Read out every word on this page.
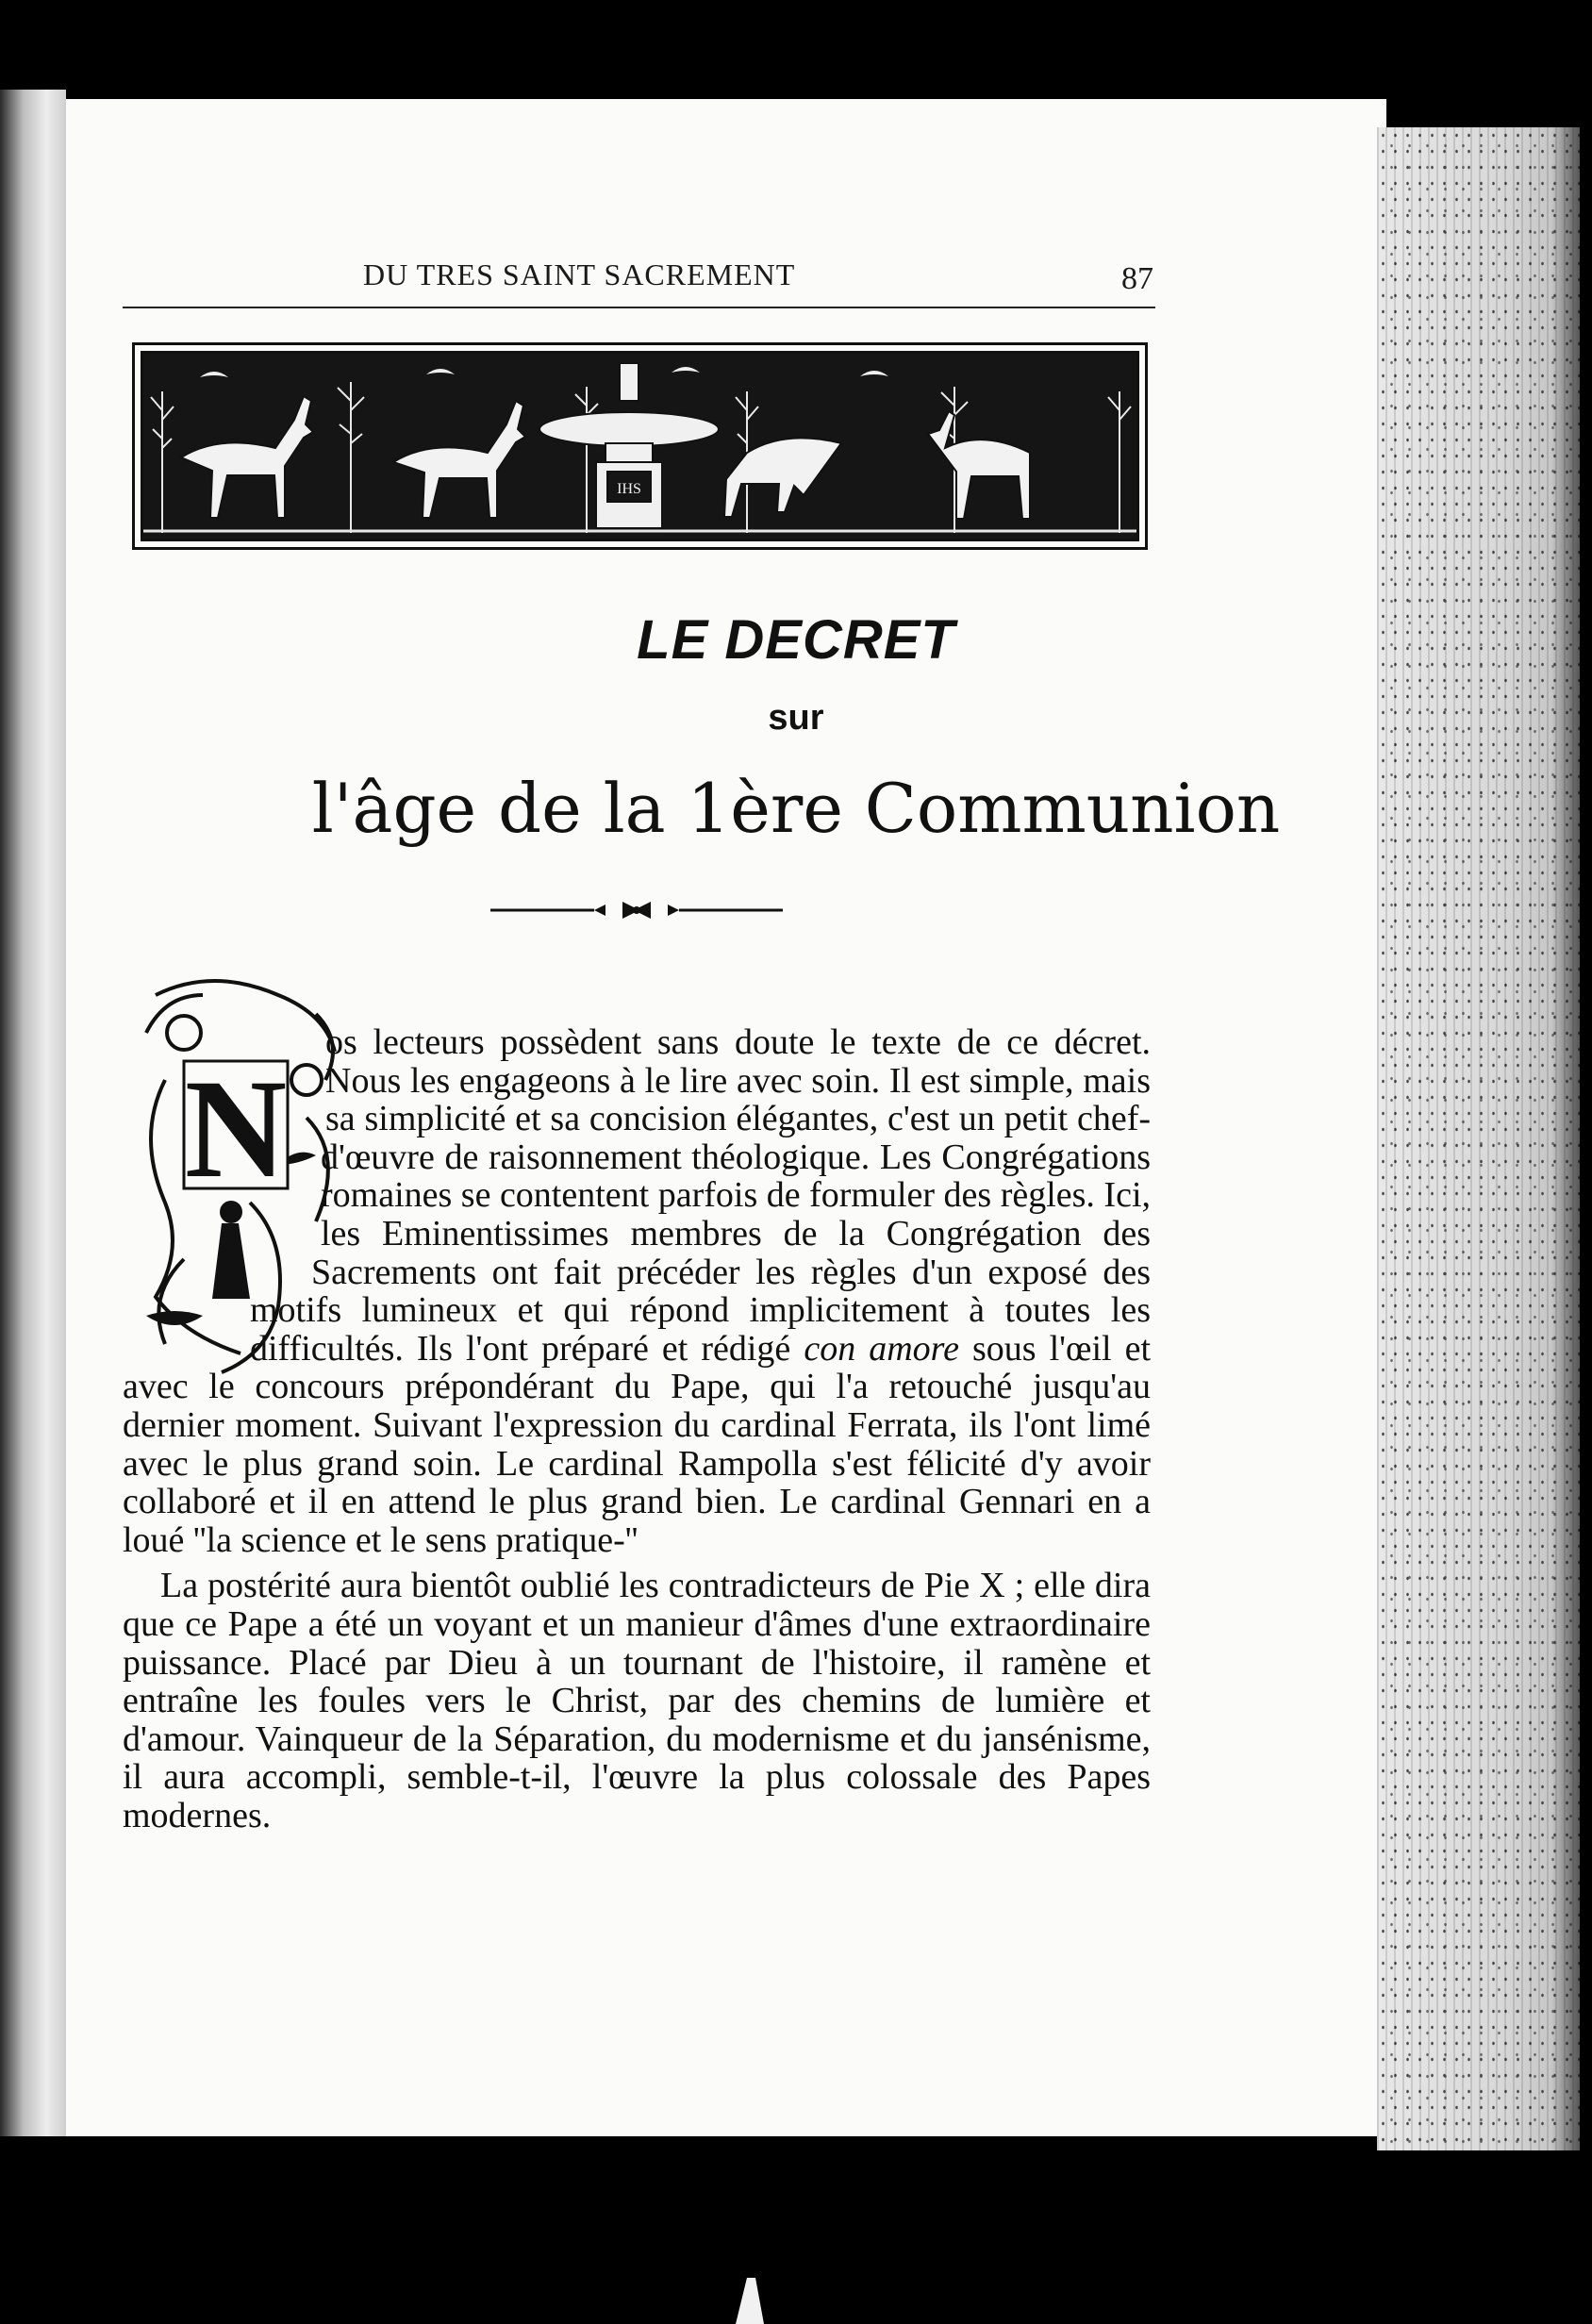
DU TRES SAINT SACREMENT	87
IHS
LE DECRET
sur
l'âge de la 1ère Communion
N

os lecteurs possèdent sans doute le texte de ce décret. Nous les engageons à le lire avec soin. Il est simple, mais sa simplicité et sa concision élégantes, c'est un petit chef-d'œuvre de raisonnement théologique. Les Congrégations romaines se contentent parfois de formuler des règles. Ici, les Eminentissimes membres de la Congrégation des Sacrements ont fait précéder les règles d'un exposé des motifs lumineux et qui répond implicitement à toutes les difficultés. Ils l'ont préparé et rédigé con amore sous l'œil et avec le concours prépondérant du Pape, qui l'a retouché jusqu'au dernier moment. Suivant l'expression du cardinal Ferrata, ils l'ont limé avec le plus grand soin. Le cardinal Rampolla s'est félicité d'y avoir collaboré et il en attend le plus grand bien. Le cardinal Gennari en a loué ''la science et le sens pratique-''

La postérité aura bientôt oublié les contradicteurs de Pie X ; elle dira que ce Pape a été un voyant et un manieur d'âmes d'une extraordinaire puissance. Placé par Dieu à un tournant de l'histoire, il ramène et entraîne les foules vers le Christ, par des chemins de lumière et d'amour. Vainqueur de la Séparation, du modernisme et du jansénisme, il aura accompli, semble-t-il, l'œuvre la plus colossale des Papes modernes.
